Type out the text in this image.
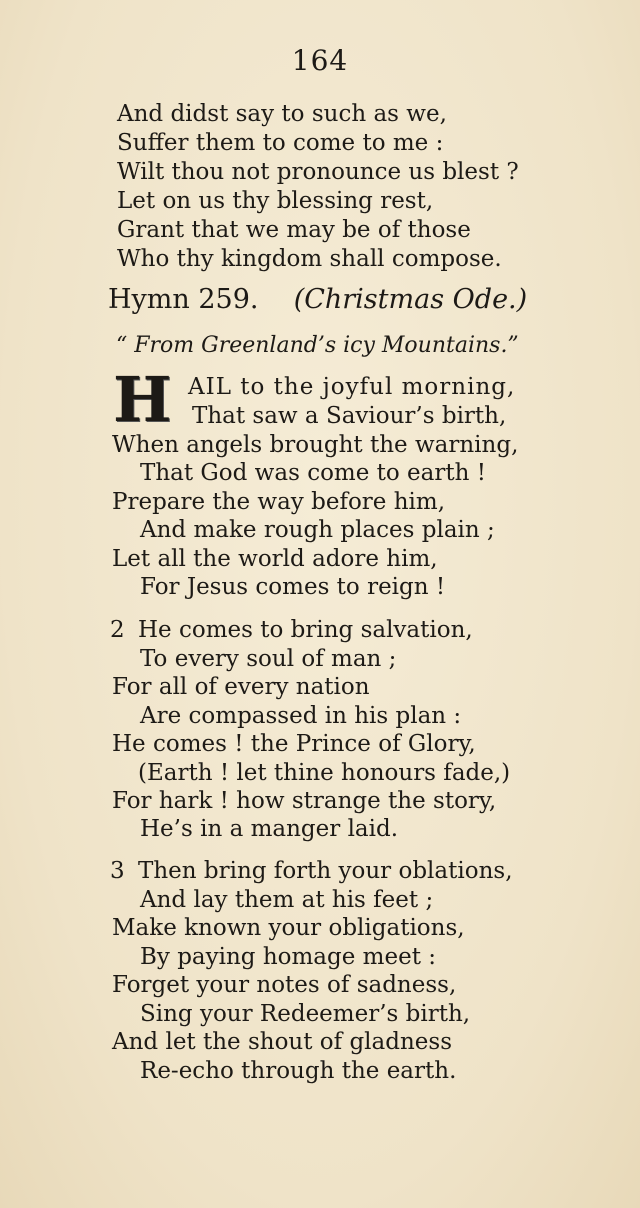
164
And didst say to such as we,
Suffer them to come to me :
Wilt thou not pronounce us blest ?
Let on us thy blessing rest,
Grant that we may be of those
Who thy kingdom shall compose.
Hymn 259. (Christmas Ode.)
“ From Greenland’s icy Mountains.”
H AIL to the joyful morning,
That saw a Saviour’s birth,
When angels brought the warning,
That God was come to earth !
Prepare the way before him,
And make rough places plain ;
Let all the world adore him,
For Jesus comes to reign !
2 He comes to bring salvation,
To every soul of man ;
For all of every nation
Are compassed in his plan :
He comes ! the Prince of Glory,
(Earth ! let thine honours fade,)
For hark ! how strange the story,
He’s in a manger laid.
3 Then bring forth your oblations,
And lay them at his feet ;
Make known your obligations,
By paying homage meet :
Forget your notes of sadness,
Sing your Redeemer’s birth,
And let the shout of gladness
Re-echo through the earth.
